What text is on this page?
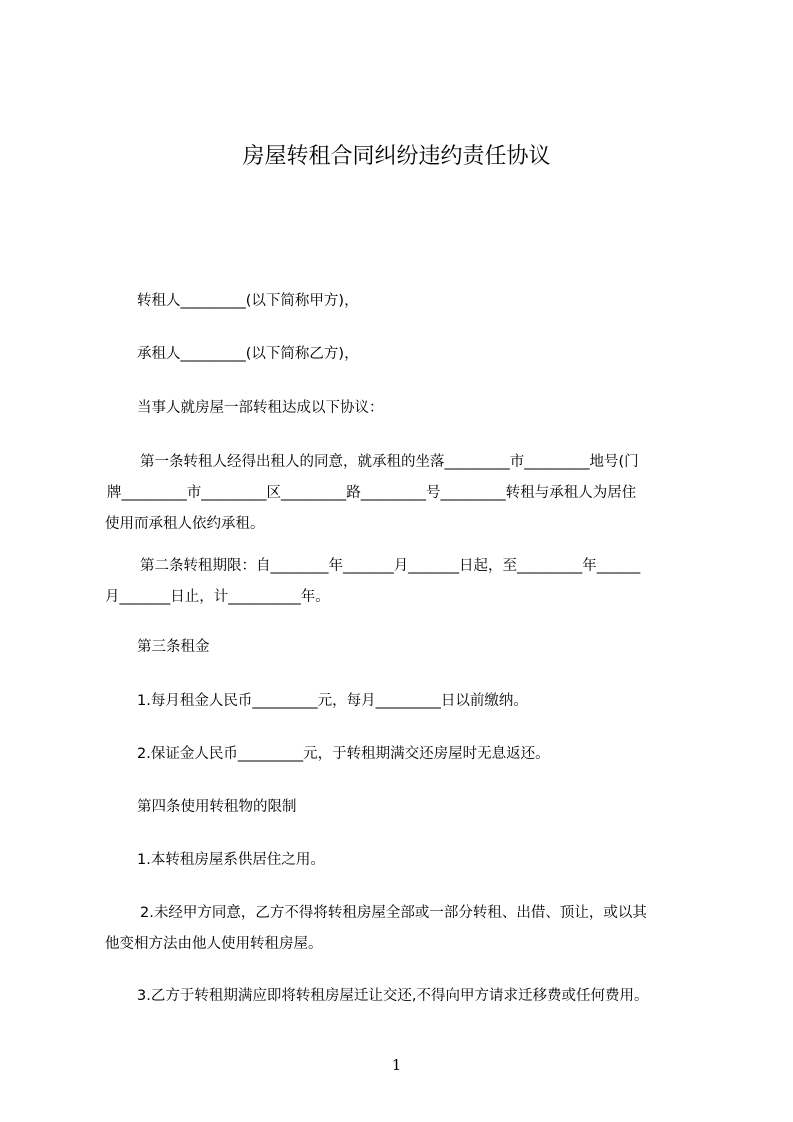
房屋转租合同纠纷违约责任协议
转租人_________(以下简称甲方)，
承租人_________(以下简称乙方)，
当事人就房屋一部转租达成以下协议：
第一条转租人经得出租人的同意，就承租的坐落_________市_________地号(门
牌_________市_________区_________路_________号_________转租与承租人为居住
使用而承租人依约承租。
第二条转租期限：自________年_______月_______日起，至_________年______
月_______日止，计__________年。
第三条租金
1.每月租金人民币_________元，每月_________日以前缴纳。
2.保证金人民币_________元，于转租期满交还房屋时无息返还。
第四条使用转租物的限制
1.本转租房屋系供居住之用。
2.未经甲方同意，乙方不得将转租房屋全部或一部分转租、出借、顶让，或以其
他变相方法由他人使用转租房屋。
3.乙方于转租期满应即将转租房屋迁让交还,不得向甲方请求迁移费或任何费用。
1
